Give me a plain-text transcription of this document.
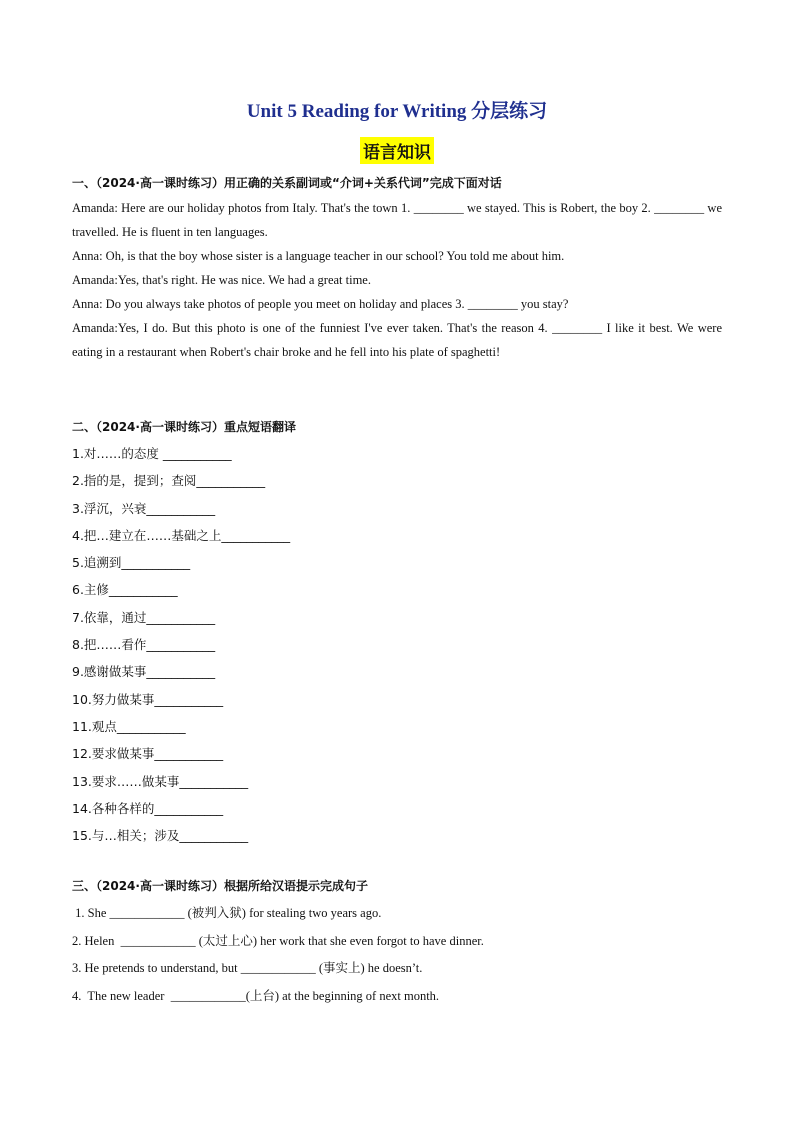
Unit 5 Reading for Writing 分层练习
语言知识
一、（2024·高一课时练习）用正确的关系副词或“介词+关系代词”完成下面对话

Amanda: Here are our holiday photos from Italy. That's the town 1. ________ we stayed. This is Robert, the boy 2. ________ we travelled. He is fluent in ten languages.

Anna: Oh, is that the boy whose sister is a language teacher in our school? You told me about him.

Amanda:Yes, that's right. He was nice. We had a great time.

Anna: Do you always take photos of people you meet on holiday and places 3. ________ you stay?

Amanda:Yes, I do. But this photo is one of the funniest I've ever taken. That's the reason 4. ________ I like it best. We were eating in a restaurant when Robert's chair broke and he fell into his plate of spaghetti!

二、（2024·高一课时练习）重点短语翻译
1.对……的态度 ___________
2.指的是，提到；查阅___________
3.浮沉，兴衰___________
4.把…建立在……基础之上___________
5.追溯到___________
6.主修___________
7.依靠，通过___________
8.把……看作___________
9.感谢做某事___________
10.努力做某事___________
11.观点___________
12.要求做某事___________
13.要求……做某事___________
14.各种各样的___________
15.与…相关；涉及___________
三、（2024·高一课时练习）根据所给汉语提示完成句子
1. She ____________ (被判入狱) for stealing two years ago.
2. Helen  ____________ (太过上心) her work that she even forgot to have dinner.
3. He pretends to understand, but ____________ (事实上) he doesn’t.
4.  The new leader  ____________(上台) at the beginning of next month.
